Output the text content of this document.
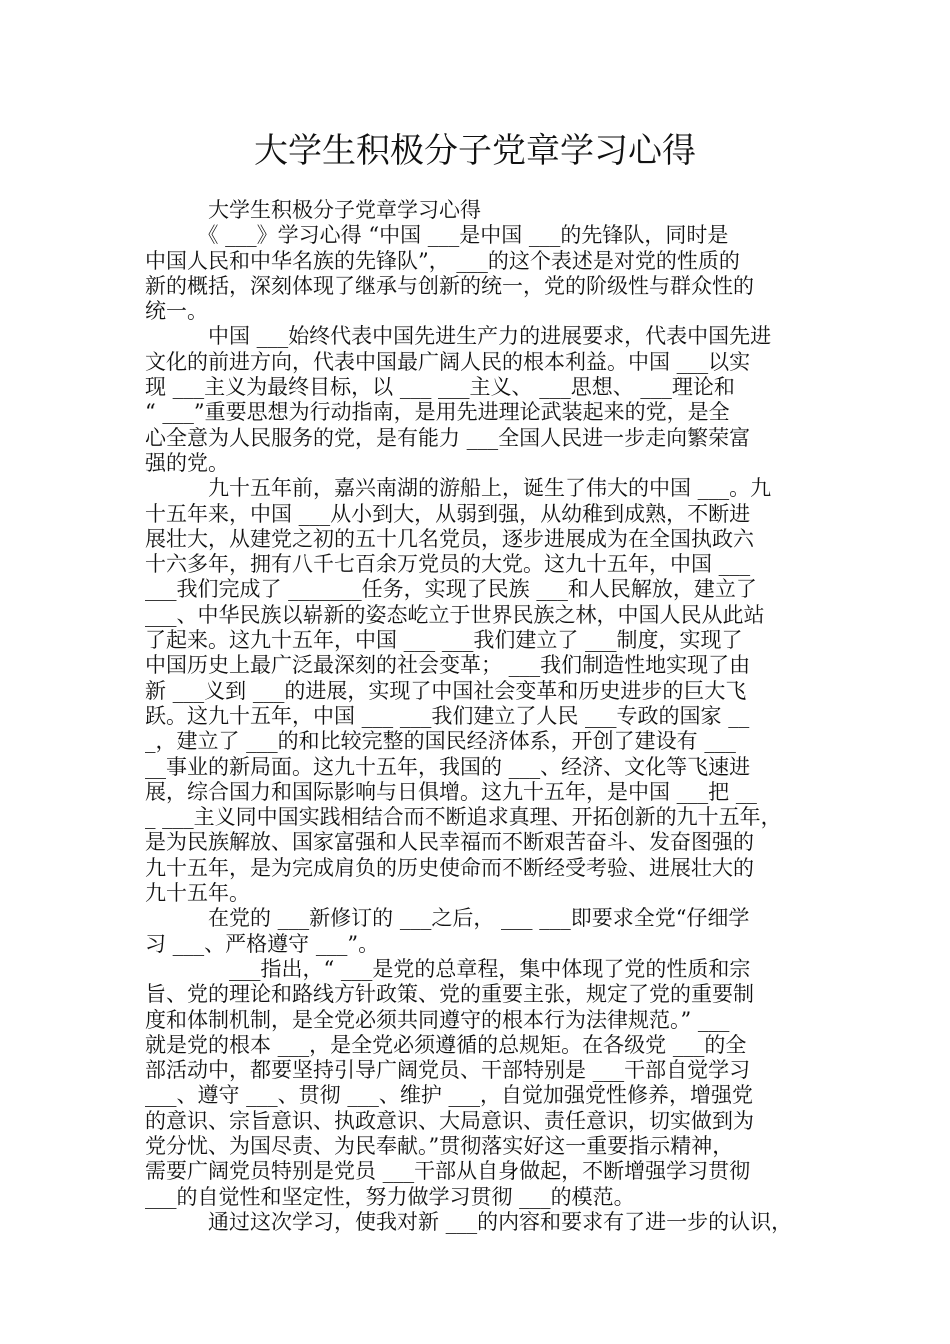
大学生积极分子党章学习心得
　　　大学生积极分子党章学习心得
　　　《 ___》学习心得 “中国 ___是中国 ___的先锋队，同时是
中国人民和中华名族的先锋队”， ___的这个表述是对党的性质的
新的概括，深刻体现了继承与创新的统一，党的阶级性与群众性的
统一。
　　　中国 ___始终代表中国先进生产力的进展要求，代表中国先进
文化的前进方向，代表中国最广阔人民的根本利益。中国 ___以实
现 ___主义为最终目标，以 ___ ___主义、 ___思想、 ___理论和
“ ___”重要思想为行动指南，是用先进理论武装起来的党，是全
心全意为人民服务的党，是有能力 ___全国人民进一步走向繁荣富
强的党。
　　　九十五年前，嘉兴南湖的游船上，诞生了伟大的中国 ___。九
十五年来，中国 ___从小到大，从弱到强，从幼稚到成熟，不断进
展壮大，从建党之初的五十几名党员，逐步进展成为在全国执政六
十六多年，拥有八千七百余万党员的大党。这九十五年，中国 ___
___我们完成了 _______任务，实现了民族 ___和人民解放，建立了
___、中华民族以崭新的姿态屹立于世界民族之林，中国人民从此站
了起来。这九十五年，中国 ___ ___我们建立了 ___制度，实现了
中国历史上最广泛最深刻的社会变革； ___我们制造性地实现了由
新 ___义到 ___的进展，实现了中国社会变革和历史进步的巨大飞
跃。这九十五年，中国 ___ ___我们建立了人民 ___专政的国家 __
_，建立了 ___的和比较完整的国民经济体系，开创了建设有 ___
__事业的新局面。这九十五年，我国的 ___、经济、文化等飞速进
展，综合国力和国际影响与日俱增。这九十五年，是中国 ___把 __
_ ___主义同中国实践相结合而不断追求真理、开拓创新的九十五年，
是为民族解放、国家富强和人民幸福而不断艰苦奋斗、发奋图强的
九十五年，是为完成肩负的历史使命而不断经受考验、进展壮大的
九十五年。
　　　在党的 ___新修订的 ___之后， ___ ___即要求全党“仔细学
习 ___、严格遵守 ___”。
　　　　___指出，“ ___是党的总章程，集中体现了党的性质和宗
旨、党的理论和路线方针政策、党的重要主张，规定了党的重要制
度和体制机制，是全党必须共同遵守的根本行为法律规范。” ___
就是党的根本 ___，是全党必须遵循的总规矩。在各级党 ___的全
部活动中，都要坚持引导广阔党员、干部特别是 ___干部自觉学习
___、遵守 ___、贯彻 ___、维护 ___，自觉加强党性修养，增强党
的意识、宗旨意识、执政意识、大局意识、责任意识，切实做到为
党分忧、为国尽责、为民奉献。”贯彻落实好这一重要指示精神，
需要广阔党员特别是党员 ___干部从自身做起，不断增强学习贯彻
___的自觉性和坚定性，努力做学习贯彻 ___的模范。
　　　通过这次学习，使我对新 ___的内容和要求有了进一步的认识，
